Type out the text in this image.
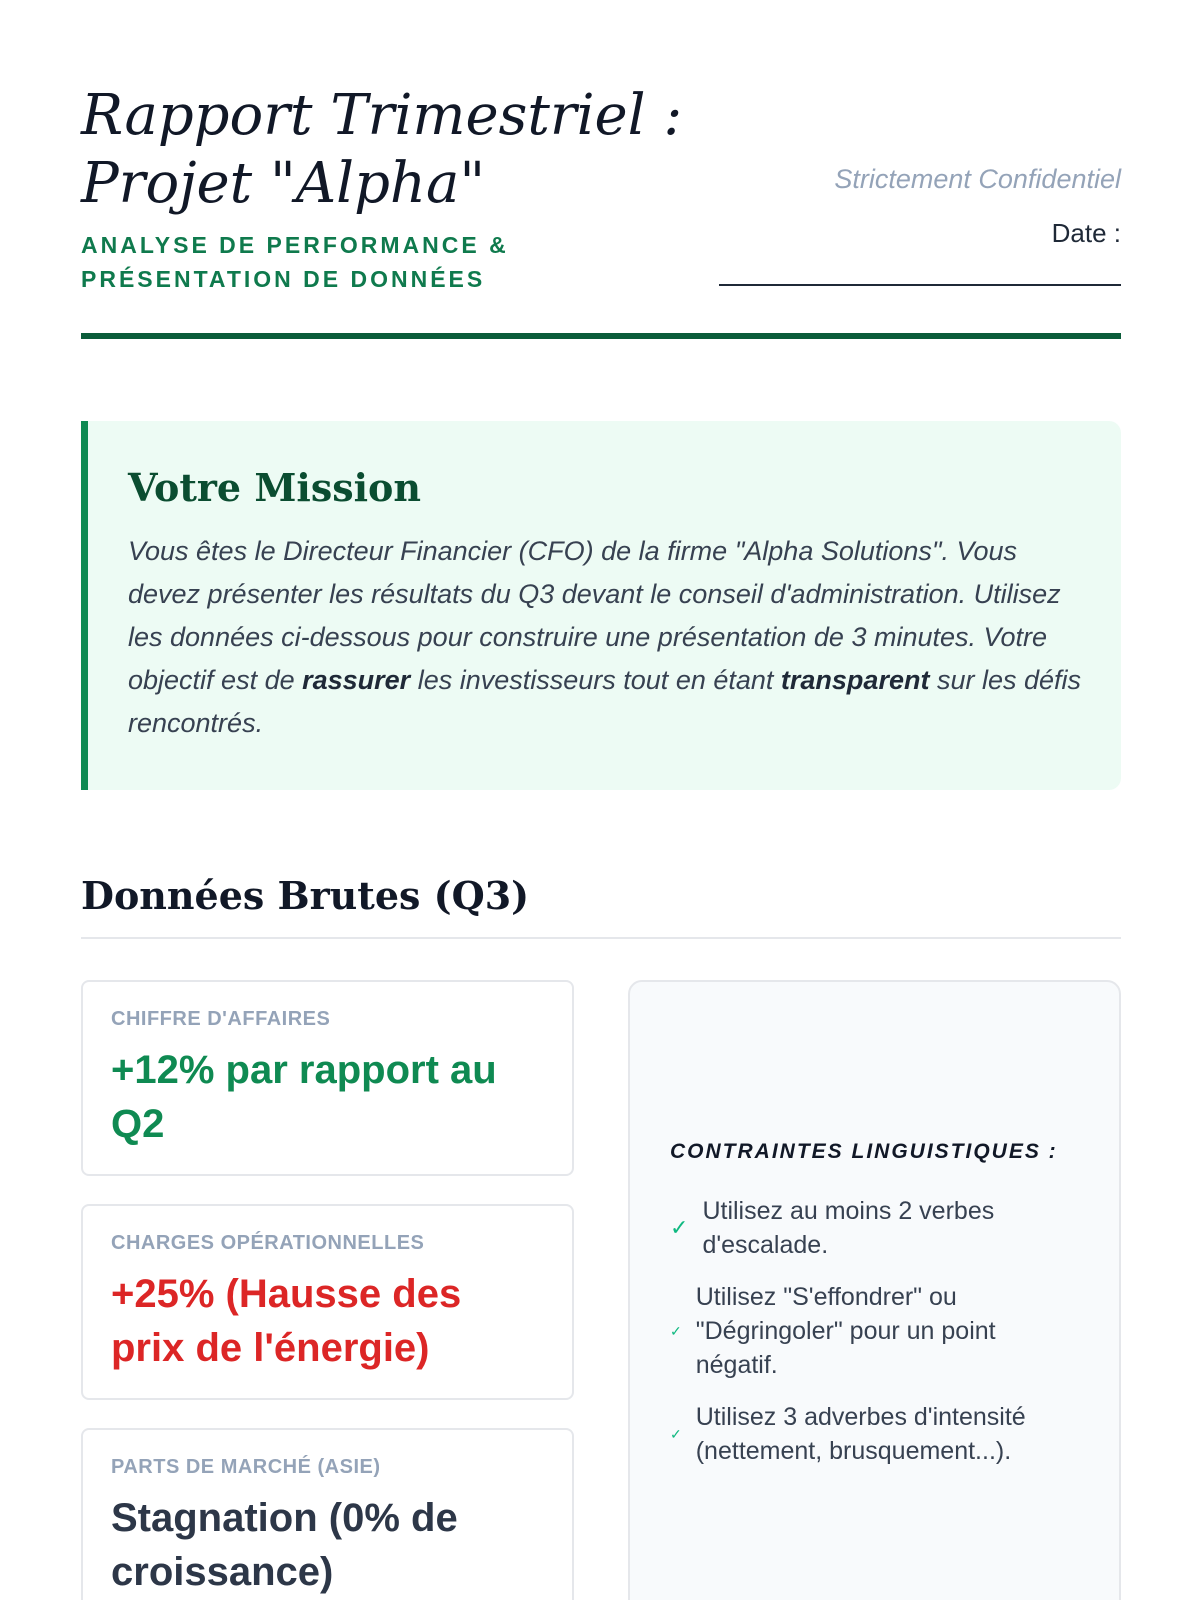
Rapport Trimestriel :
Projet "Alpha"
ANALYSE DE PERFORMANCE & PRÉSENTATION DE DONNÉES
Strictement Confidentiel
Date :
Votre Mission

Vous êtes le Directeur Financier (CFO) de la firme "Alpha Solutions". Vous devez présenter les résultats du Q3 devant le conseil d'administration. Utilisez les données ci-dessous pour construire une présentation de 3 minutes. Votre objectif est de rassurer les investisseurs tout en étant transparent sur les défis rencontrés.

Données Brutes (Q3)
CHIFFRE D'AFFAIRES
+12% par rapport au Q2
CHARGES OPÉRATIONNELLES
+25% (Hausse des prix de l'énergie)
PARTS DE MARCHÉ (ASIE)
Stagnation (0% de croissance)
CONTRAINTES LINGUISTIQUES :
✓
Utilisez au moins 2 verbes d'escalade.
✓
Utilisez "S'effondrer" ou "Dégringoler" pour un point négatif.
✓
Utilisez 3 adverbes d'intensité (nettement, brusquement...).
